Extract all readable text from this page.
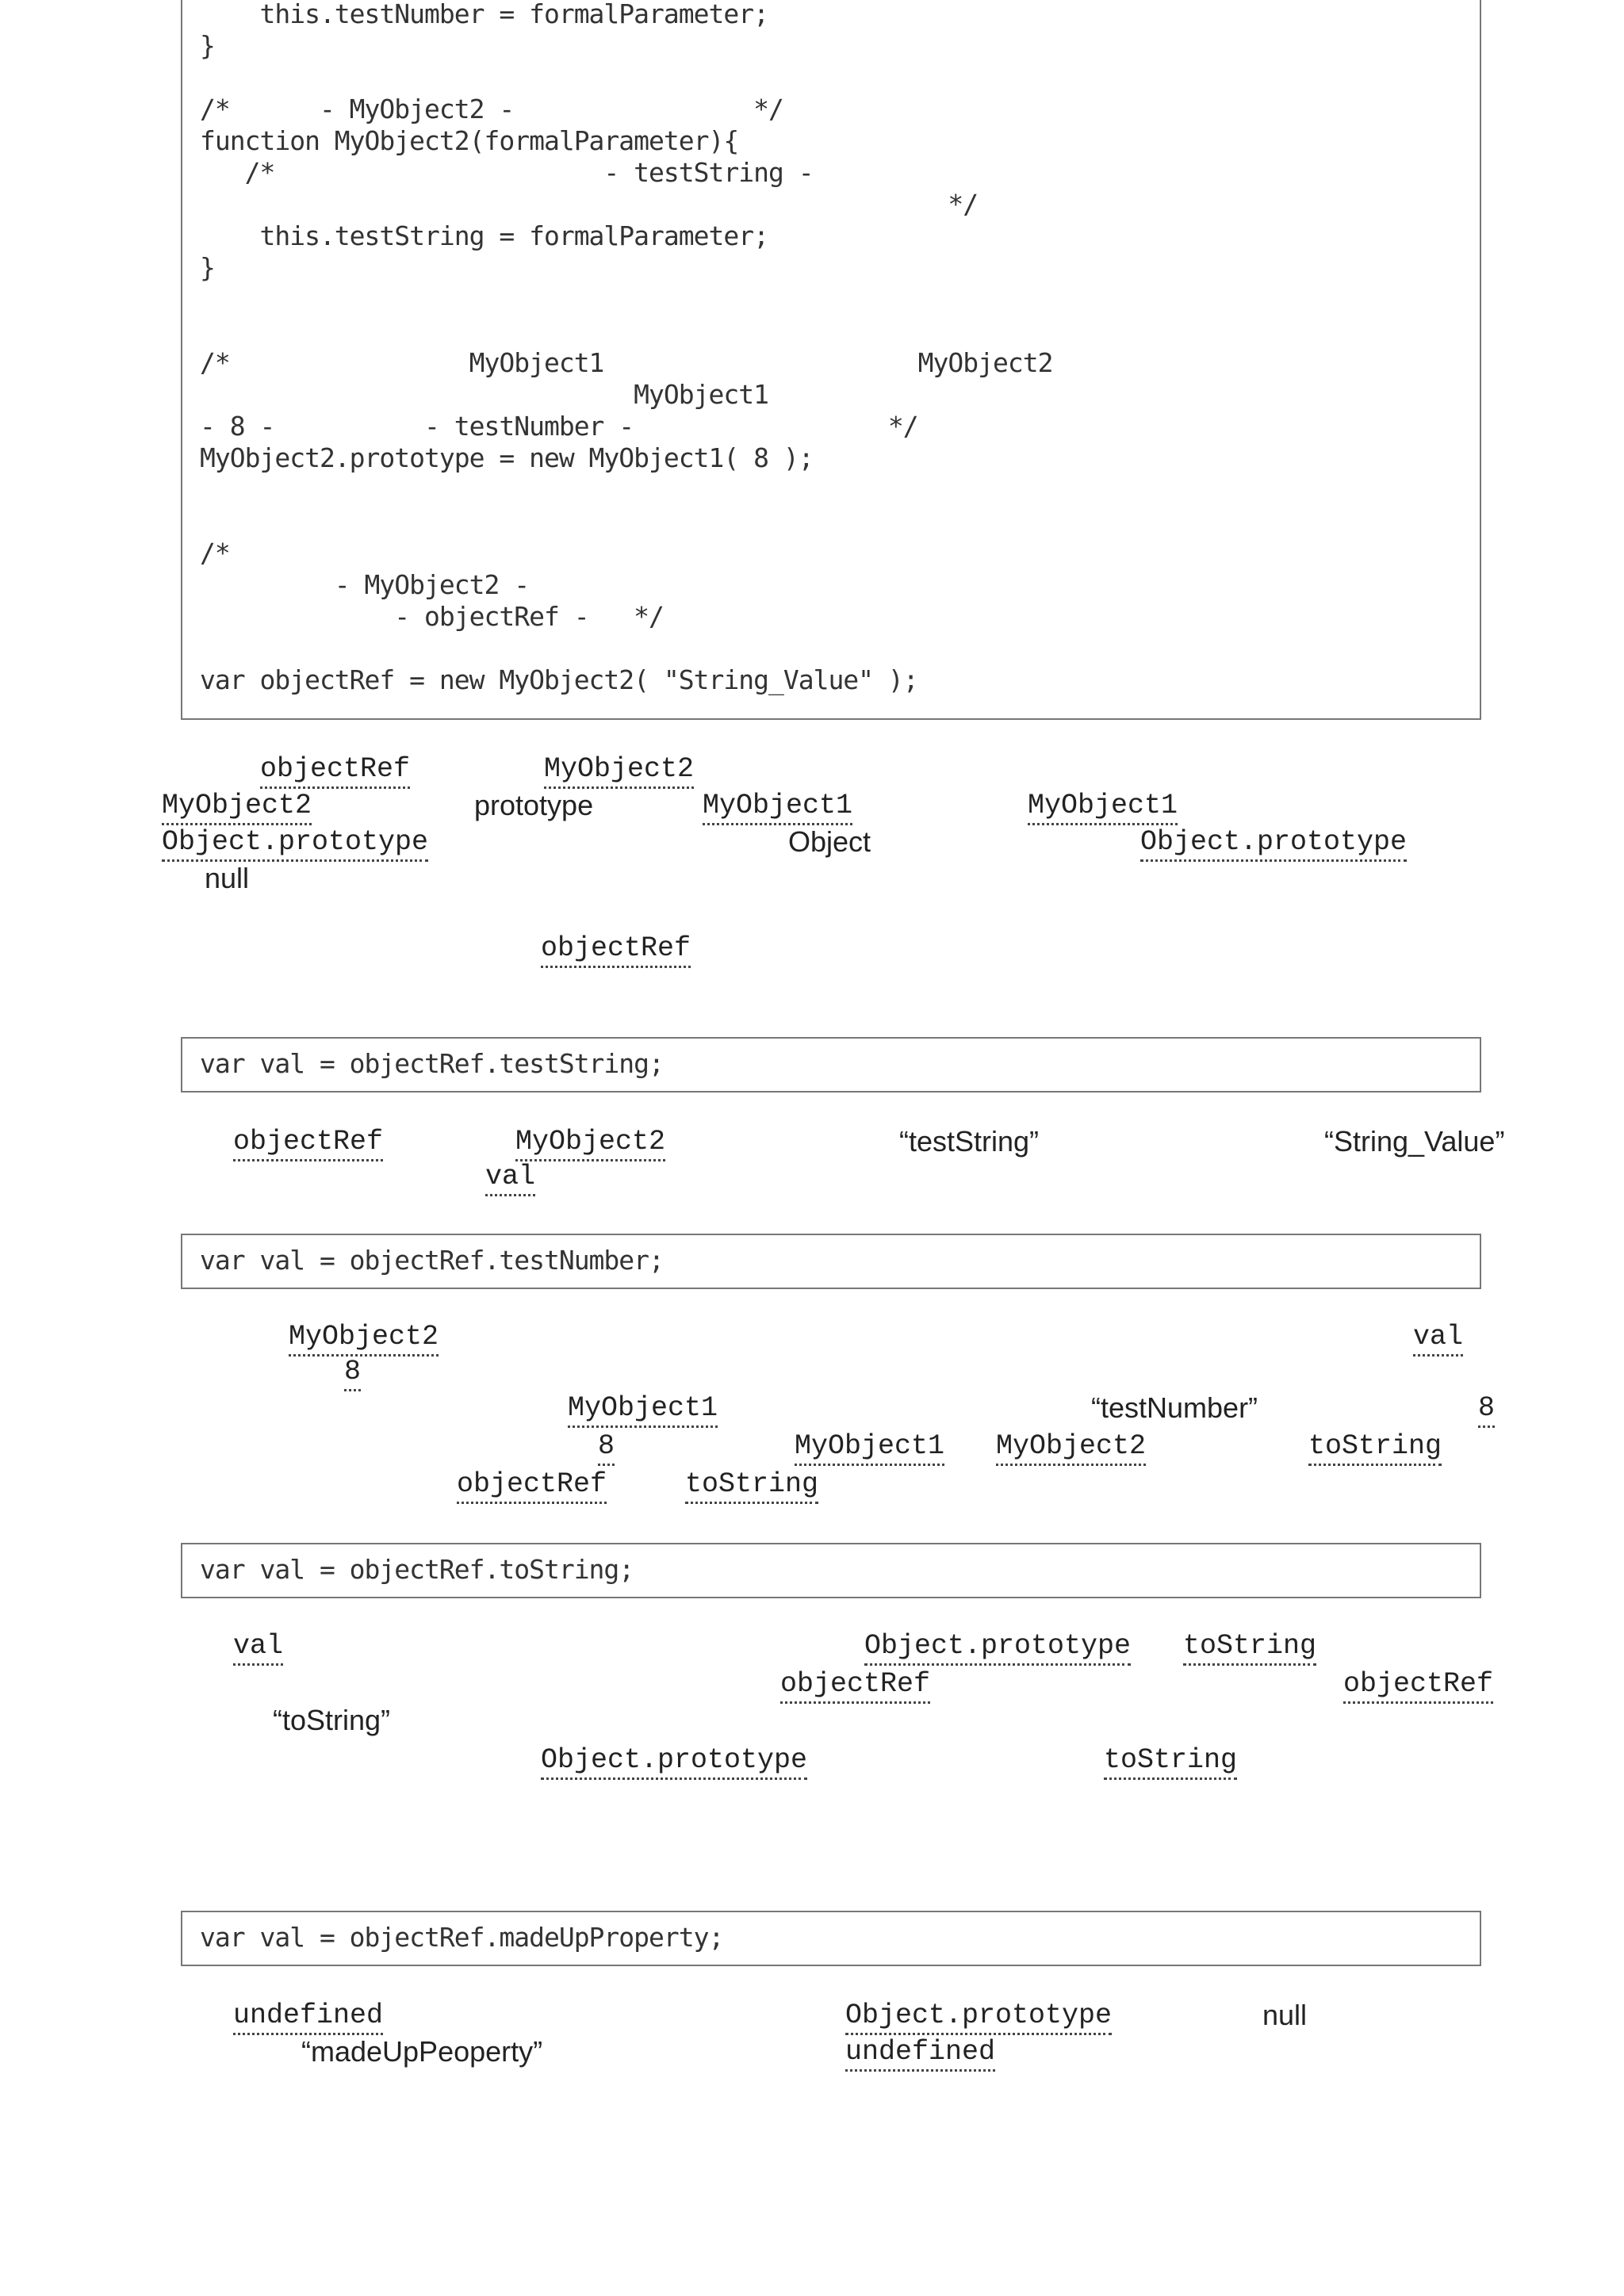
this.testNumber = formalParameter;
}
/*      - MyObject2 -                */
function MyObject2(formalParameter){
/*                      - testString -
*/
this.testString = formalParameter;
}
/*                MyObject1                     MyObject2
MyObject1
- 8 -          - testNumber -                 */
MyObject2.prototype = new MyObject1( 8 );
/*
- MyObject2 -
- objectRef -   */
var objectRef = new MyObject2( "String_Value" );
objectRef	MyObject2
MyObject2	prototype	MyObject1	MyObject1
Object.prototype	Object	Object.prototype
null
objectRef
var val = objectRef.testString;
objectRef	MyObject2	“testString”	“String_Value”
val
var val = objectRef.testNumber;
MyObject2	val
8
MyObject1	“testNumber”	8
8	MyObject1 MyObject2	toString
objectRef	toString
var val = objectRef.toString;
val	Object.prototype toString
objectRef	objectRef
“toString”
Object.prototype	toString
var val = objectRef.madeUpProperty;
undefined	Object.prototype	null
“madeUpPeoperty”	undefined
